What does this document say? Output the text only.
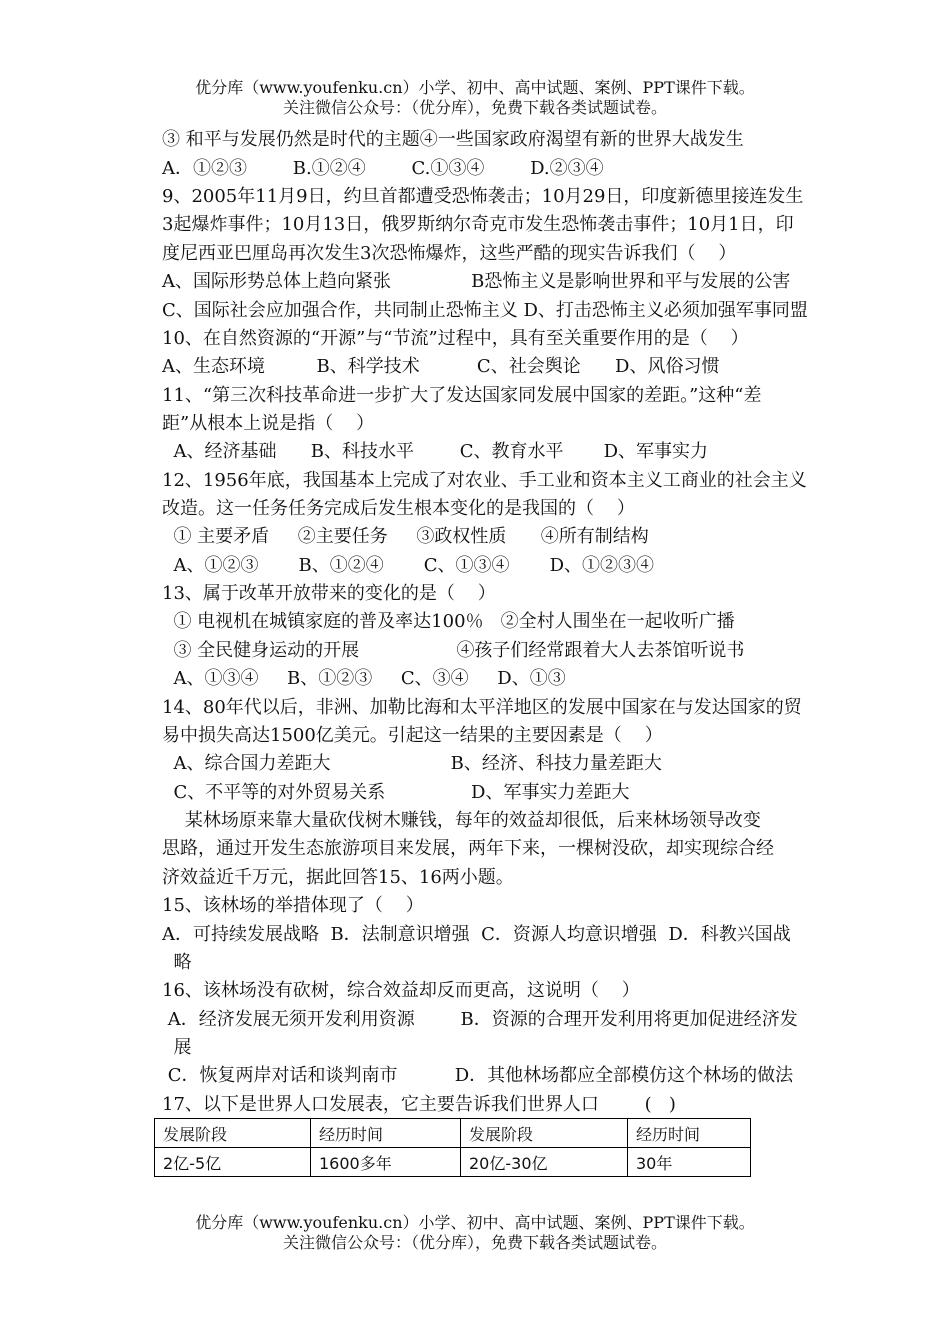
优分库（www.youfenku.cn）小学、初中、高中试题、案例、PPT课件下载。
关注微信公众号：（优分库），免费下载各类试题试卷。
③ 和平与发展仍然是时代的主题④一些国家政府渴望有新的世界大战发生
A．①②③        B.①②④        C.①③④        D.②③④
9、2005年11月9日，约旦首都遭受恐怖袭击；10月29日，印度新德里接连发生
3起爆炸事件；10月13日，俄罗斯纳尔奇克市发生恐怖袭击事件；10月1日，印
度尼西亚巴厘岛再次发生3次恐怖爆炸，这些严酷的现实告诉我们（    ）
A、国际形势总体上趋向紧张              B恐怖主义是影响世界和平与发展的公害
C、国际社会应加强合作，共同制止恐怖主义 D、打击恐怖主义必须加强军事同盟
10、在自然资源的“开源”与“节流”过程中，具有至关重要作用的是（    ）
A、生态环境         B、科学技术          C、社会舆论      D、风俗习惯
11、“第三次科技革命进一步扩大了发达国家同发展中国家的差距。”这种“差
距”从根本上说是指（    ）
A、经济基础      B、科技水平        C、教育水平       D、军事实力
12、1956年底，我国基本上完成了对农业、手工业和资本主义工商业的社会主义
改造。这一任务任务完成后发生根本变化的是我国的（    ）
① 主要矛盾     ②主要任务     ③政权性质      ④所有制结构
A、①②③       B、①②④       C、①③④       D、①②③④
13、属于改革开放带来的变化的是（    ）
① 电视机在城镇家庭的普及率达100％   ②全村人围坐在一起收听广播
③ 全民健身运动的开展                 ④孩子们经常跟着大人去茶馆听说书
A、①③④     B、①②③     C、③④     D、①③
14、80年代以后，非洲、加勒比海和太平洋地区的发展中国家在与发达国家的贸
易中损失高达1500亿美元。引起这一结果的主要因素是（    ）
A、综合国力差距大                     B、经济、科技力量差距大
C、不平等的对外贸易关系               D、军事实力差距大
某林场原来靠大量砍伐树木赚钱，每年的效益却很低，后来林场领导改变
思路，通过开发生态旅游项目来发展，两年下来，一棵树没砍，却实现综合经
济效益近千万元，据此回答15、16两小题。
15、该林场的举措体现了（    ）
A．可持续发展战略  B．法制意识增强  C．资源人均意识增强  D．科教兴国战
略
16、该林场没有砍树，综合效益却反而更高，这说明（    ）
A．经济发展无须开发利用资源        B．资源的合理开发利用将更加促进经济发
展
C．恢复两岸对话和谈判南市          D．其他林场都应全部模仿这个林场的做法
17、以下是世界人口发展表，它主要告诉我们世界人口        (   )
发展阶段	经历时间	发展阶段	经历时间
2亿-5亿	1600多年	20亿-30亿	30年
优分库（www.youfenku.cn）小学、初中、高中试题、案例、PPT课件下载。
关注微信公众号：（优分库），免费下载各类试题试卷。
